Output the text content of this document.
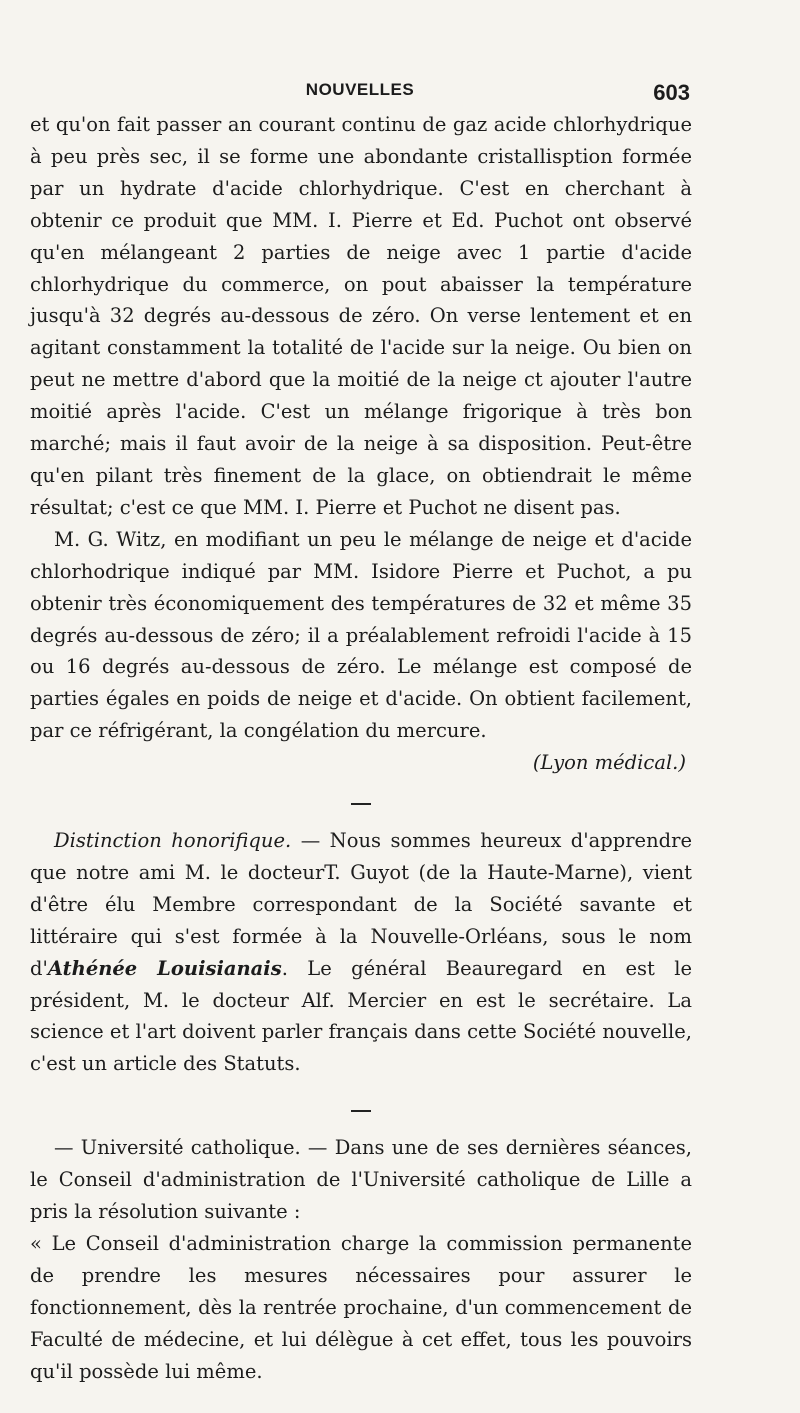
NOUVELLES	603

et qu'on fait passer an courant continu de gaz acide chlorhydrique à peu près sec, il se forme une abondante cristallisption formée par un hydrate d'acide chlorhydrique. C'est en cherchant à obtenir ce produit que MM. I. Pierre et Ed. Puchot ont observé qu'en mélangeant 2 parties de neige avec 1 partie d'acide chlorhydrique du commerce, on pout abaisser la température jusqu'à 32 degrés au-dessous de zéro. On verse lentement et en agitant constamment la totalité de l'acide sur la neige. Ou bien on peut ne mettre d'abord que la moitié de la neige ct ajouter l'autre moitié après l'acide. C'est un mélange frigorique à très bon marché; mais il faut avoir de la neige à sa disposition. Peut-être qu'en pilant très finement de la glace, on obtiendrait le même résultat; c'est ce que MM. I. Pierre et Puchot ne disent pas.

M. G. Witz, en modifiant un peu le mélange de neige et d'acide chlorhodrique indiqué par MM. Isidore Pierre et Puchot, a pu obtenir très économiquement des températures de 32 et même 35 degrés au-dessous de zéro; il a préalablement refroidi l'acide à 15 ou 16 degrés au-dessous de zéro. Le mélange est composé de parties égales en poids de neige et d'acide. On obtient facilement, par ce réfrigérant, la congélation du mercure.

(Lyon médical.)

Distinction honorifique. — Nous sommes heureux d'apprendre que notre ami M. le docteurT. Guyot (de la Haute-Marne), vient d'être élu Membre correspondant de la Société savante et littéraire qui s'est formée à la Nouvelle-Orléans, sous le nom d'Athénée Louisianais. Le général Beauregard en est le président, M. le docteur Alf. Mercier en est le secrétaire. La science et l'art doivent parler français dans cette Société nouvelle, c'est un article des Statuts.

— Université catholique. — Dans une de ses dernières séances, le Conseil d'administration de l'Université catholique de Lille a pris la résolution suivante :

« Le Conseil d'administration charge la commission permanente de prendre les mesures nécessaires pour assurer le fonctionnement, dès la rentrée prochaine, d'un commencement de Faculté de médecine, et lui délègue à cet effet, tous les pouvoirs qu'il possède lui même.
